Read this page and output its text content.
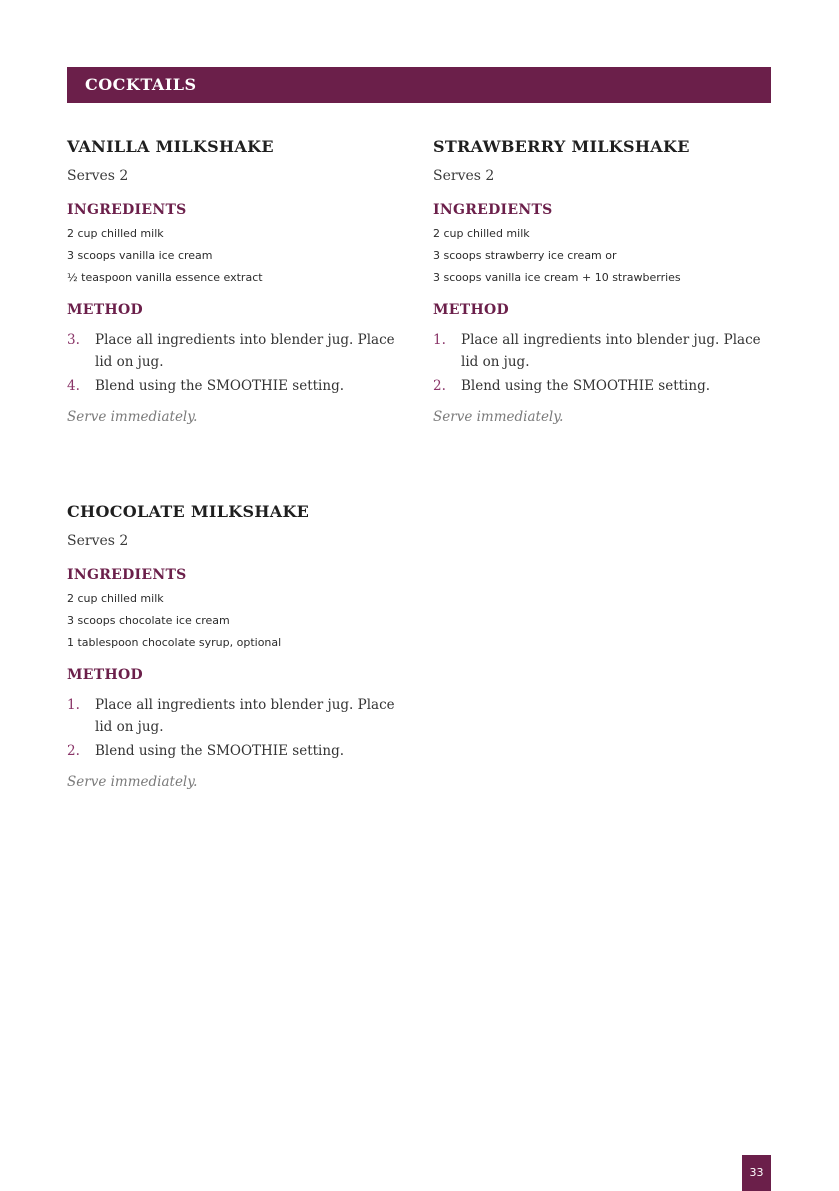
COCKTAILS
VANILLA MILKSHAKE
Serves 2
INGREDIENTS
2 cup chilled milk
3 scoops vanilla ice cream
½ teaspoon vanilla essence extract
METHOD
3.	Place all ingredients into blender jug. Place lid on jug.
4.	Blend using the SMOOTHIE setting.
Serve immediately.
STRAWBERRY MILKSHAKE
Serves 2
INGREDIENTS
2 cup chilled milk
3 scoops strawberry ice cream or
3 scoops vanilla ice cream + 10 strawberries
METHOD
1.	Place all ingredients into blender jug. Place lid on jug.
2.	Blend using the SMOOTHIE setting.
Serve immediately.
CHOCOLATE MILKSHAKE
Serves 2
INGREDIENTS
2 cup chilled milk
3 scoops chocolate ice cream
1 tablespoon chocolate syrup, optional
METHOD
1.	Place all ingredients into blender jug. Place lid on jug.
2.	Blend using the SMOOTHIE setting.
Serve immediately.
33
